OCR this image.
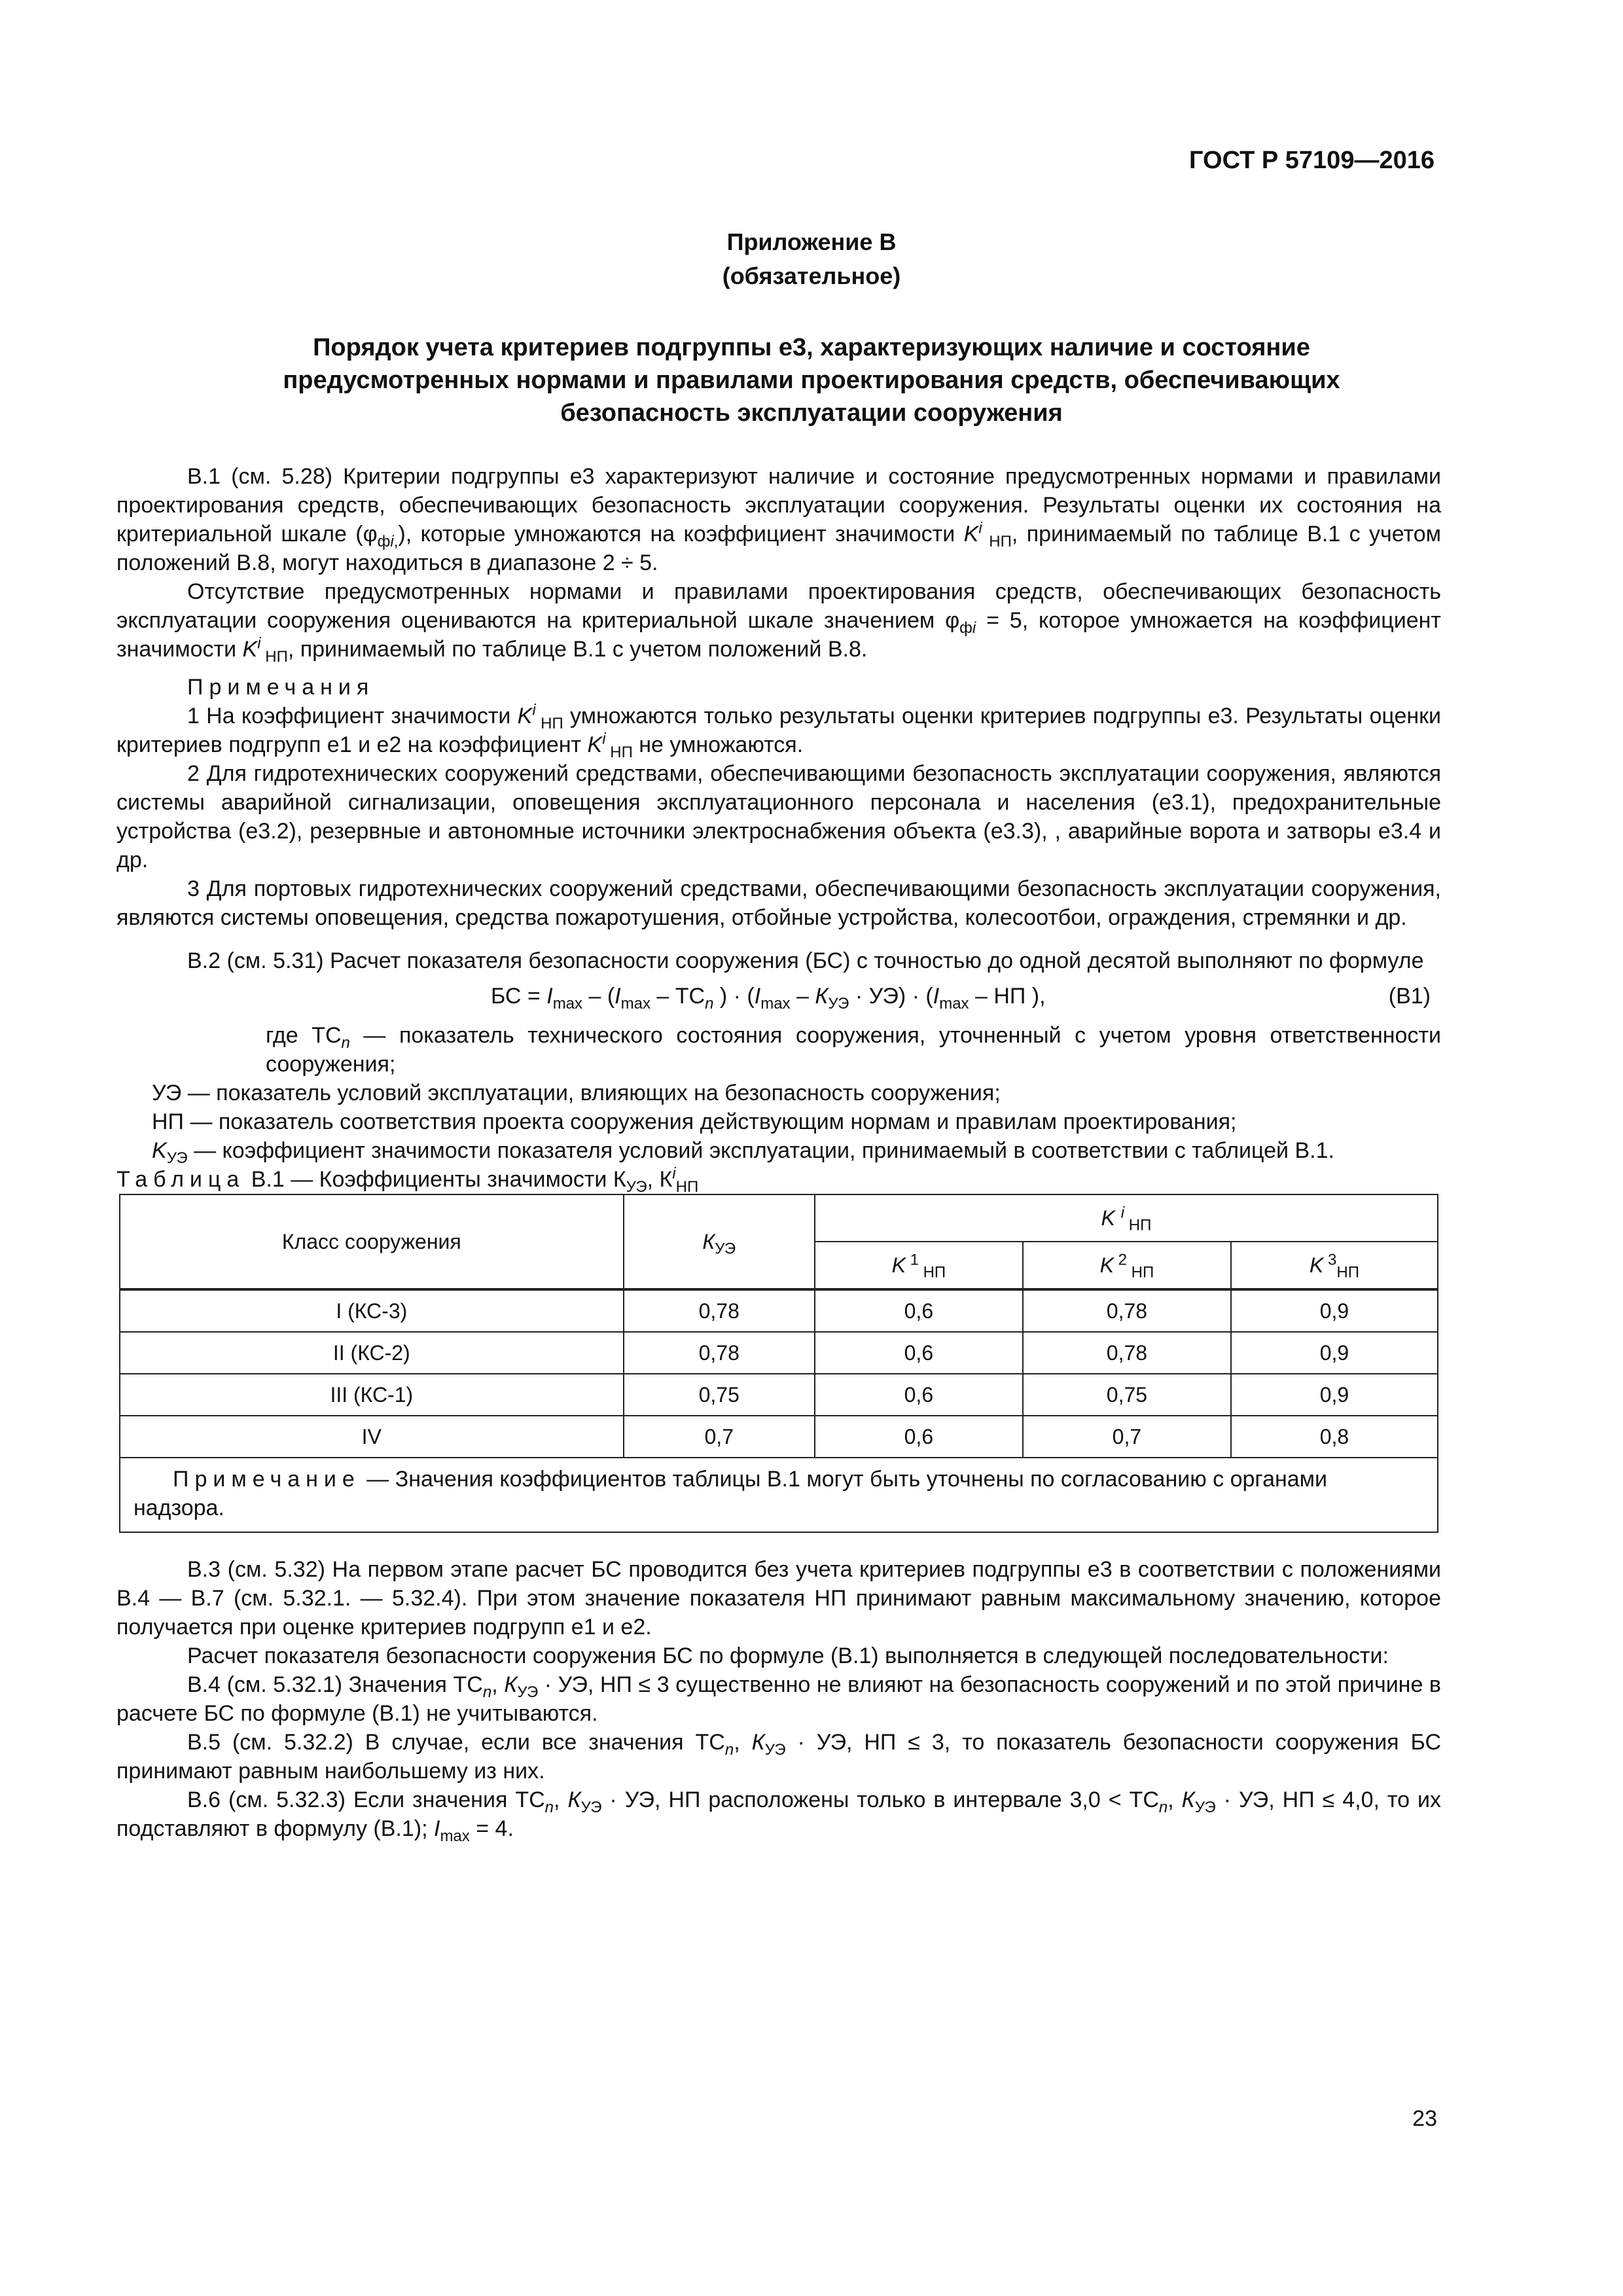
ГОСТ Р 57109—2016
Приложение В
(обязательное)
Порядок учета критериев подгруппы е3, характеризующих наличие и состояние
предусмотренных нормами и правилами проектирования средств, обеспечивающих
безопасность эксплуатации сооружения

В.1 (см. 5.28) Критерии подгруппы е3 характеризуют наличие и состояние предусмотренных нормами и правилами проектирования средств, обеспечивающих безопасность эксплуатации сооружения. Результаты оценки их состояния на критериальной шкале $(\varphi_{фi,})$, которые умножаются на коэффициент значимости $K^i$ $_{НП}$, принимаемый по таблице В.1 с учетом положений В.8, могут находиться в диапазоне 2 ÷ 5.

Отсутствие предусмотренных нормами и правилами проектирования средств, обеспечивающих безопасность эксплуатации сооружения оцениваются на критериальной шкале значением $\varphi_{фi} = 5$, которое умножается на коэффициент значимости $K^i$ $_{НП}$, принимаемый по таблице В.1 с учетом положений В.8.

Примечания

1 На коэффициент значимости $K^i$ $_{НП}$ умножаются только результаты оценки критериев подгруппы е3. Результаты оценки критериев подгрупп е1 и е2 на коэффициент $K^i$ $_{НП}$ не умножаются.

2 Для гидротехнических сооружений средствами, обеспечивающими безопасность эксплуатации сооружения, являются системы аварийной сигнализации, оповещения эксплуатационного персонала и населения (е3.1), предохранительные устройства (е3.2), резервные и автономные источники электроснабжения объекта (е3.3), , аварийные ворота и затворы е3.4 и др.

3 Для портовых гидротехнических сооружений средствами, обеспечивающими безопасность эксплуатации сооружения, являются системы оповещения, средства пожаротушения, отбойные устройства, колесоотбои, ограждения, стремянки и др.

В.2 (см. 5.31) Расчет показателя безопасности сооружения (БС) с точностью до одной десятой выполняют по формуле

БС = $I_{max} - (I_{max} - ТС_n$ ) · $(I_{max} - К_{УЭ} \cdot УЭ) \cdot (I_{max}$ – НП ),	(В1)

где $ТС_n$ — показатель технического состояния сооружения, уточненный с учетом уровня ответственности сооружения;

УЭ — показатель условий эксплуатации, влияющих на безопасность сооружения;

НП — показатель соответствия проекта сооружения действующим нормам и правилам проектирования;

$K_{УЭ}$ — коэффициент значимости показателя условий эксплуатации, принимаемый в соответствии с таблицей В.1.

Таблица В.1 — Коэффициенты значимости $К_{УЭ}$, $К^i_{НП}$

Класс сооружения	$К_{УЭ}$	K $^i$ $_{НП}$
		K $^1$ $_{НП}$	K $^2$ $_{НП}$	K $^3_{НП}$
I (КС-3)	0,78	0,6	0,78	0,9
II (КС-2)	0,78	0,6	0,78	0,9
III (КС-1)	0,75	0,6	0,75	0,9
IV	0,7	0,6	0,7	0,8
Примечание — Значения коэффициентов таблицы В.1 могут быть уточнены по согласованию с органами надзора.				

В.3 (см. 5.32) На первом этапе расчет БС проводится без учета критериев подгруппы е3 в соответствии с положениями В.4 — В.7 (см. 5.32.1. — 5.32.4). При этом значение показателя НП принимают равным максимальному значению, которое получается при оценке критериев подгрупп е1 и е2.

Расчет показателя безопасности сооружения БС по формуле (В.1) выполняется в следующей последовательности:

В.4 (см. 5.32.1) Значения $ТС_n$, $К_{УЭ}$ · УЭ, НП ≤ 3 существенно не влияют на безопасность сооружений и по этой причине в расчете БС по формуле (В.1) не учитываются.

В.5 (см. 5.32.2) В случае, если все значения $ТС_n$, $К_{УЭ}$ · УЭ, НП ≤ 3, то показатель безопасности сооружения БС принимают равным наибольшему из них.

В.6 (см. 5.32.3) Если значения $ТС_n$, $К_{УЭ}$ · УЭ, НП расположены только в интервале $3,0 < ТС_n$, $К_{УЭ}$ · УЭ, НП ≤ 4,0, то их подставляют в формулу (В.1); $I_{max} = 4$.

23
